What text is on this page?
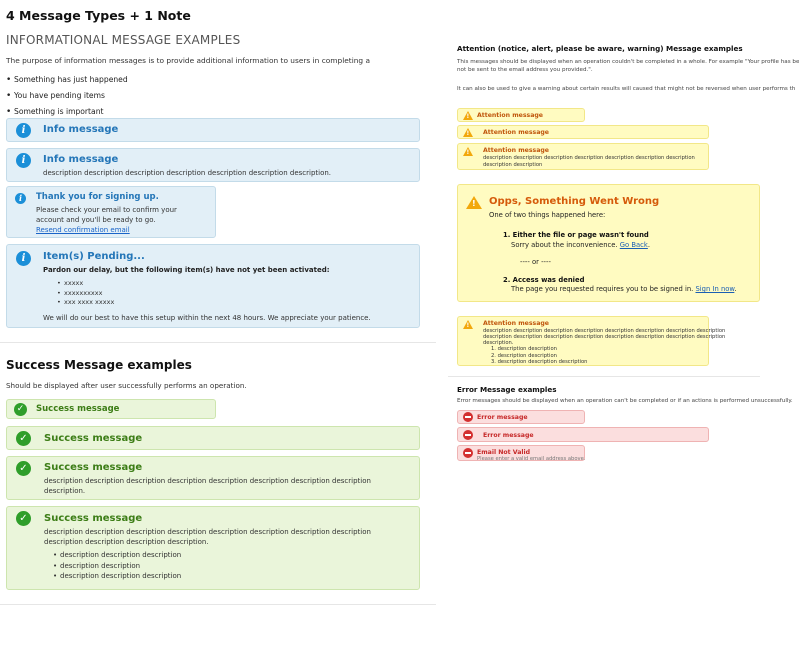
4 Message Types + 1 Note
INFORMATIONAL MESSAGE EXAMPLES
The purpose of information messages is to provide additional information to users in completing a
• Something has just happened
• You have pending items
• Something is important
i	Info message
i	Info message
description description description description description description description.
i	Thank you for signing up.
Please check your email to confirm your
account and you'll be ready to go.
Resend confirmation email
i	Item(s) Pending...
Pardon our delay, but the following item(s) have not yet been activated:
• xxxxx
• xxxxxxxxxx
• xxx xxxx xxxxx
We will do our best to have this setup within the next 48 hours. We appreciate your patience.
Success Message examples
Should be displayed after user successfully performs an operation.
✓	Success message
✓	Success message
✓	Success message
description description description description description description description description
description.
✓	Success message
description description description description description description description description
description description description description.
• description description description
• description description
• description description description
Attention (notice, alert, please be aware, warning) Message examples
This messages should be displayed when an operation couldn't be completed in a whole. For example "Your profile has be
not be sent to the email address you provided.".
It can also be used to give a warning about certain results will caused that might not be reversed when user performs th
!
Attention message
!
Attention message
!
Attention message
description description description description description description description
description description
!
Opps, Something Went Wrong
One of two things happened here:
1. Either the file or page wasn't found
Sorry about the inconvenience. Go Back.
---- or ----
2. Access was denied
The page you requested requires you to be signed in. Sign In now.
!
Attention message
description description description description description description description description
description description description description description description description description
description.
1. description description
2. description description
3. description description description
Error Message examples
Error messages should be displayed when an operation can't be completed or if an actions is performed unsuccessfully.
Error message
Error message
Email Not Valid
Please enter a valid email address above.
